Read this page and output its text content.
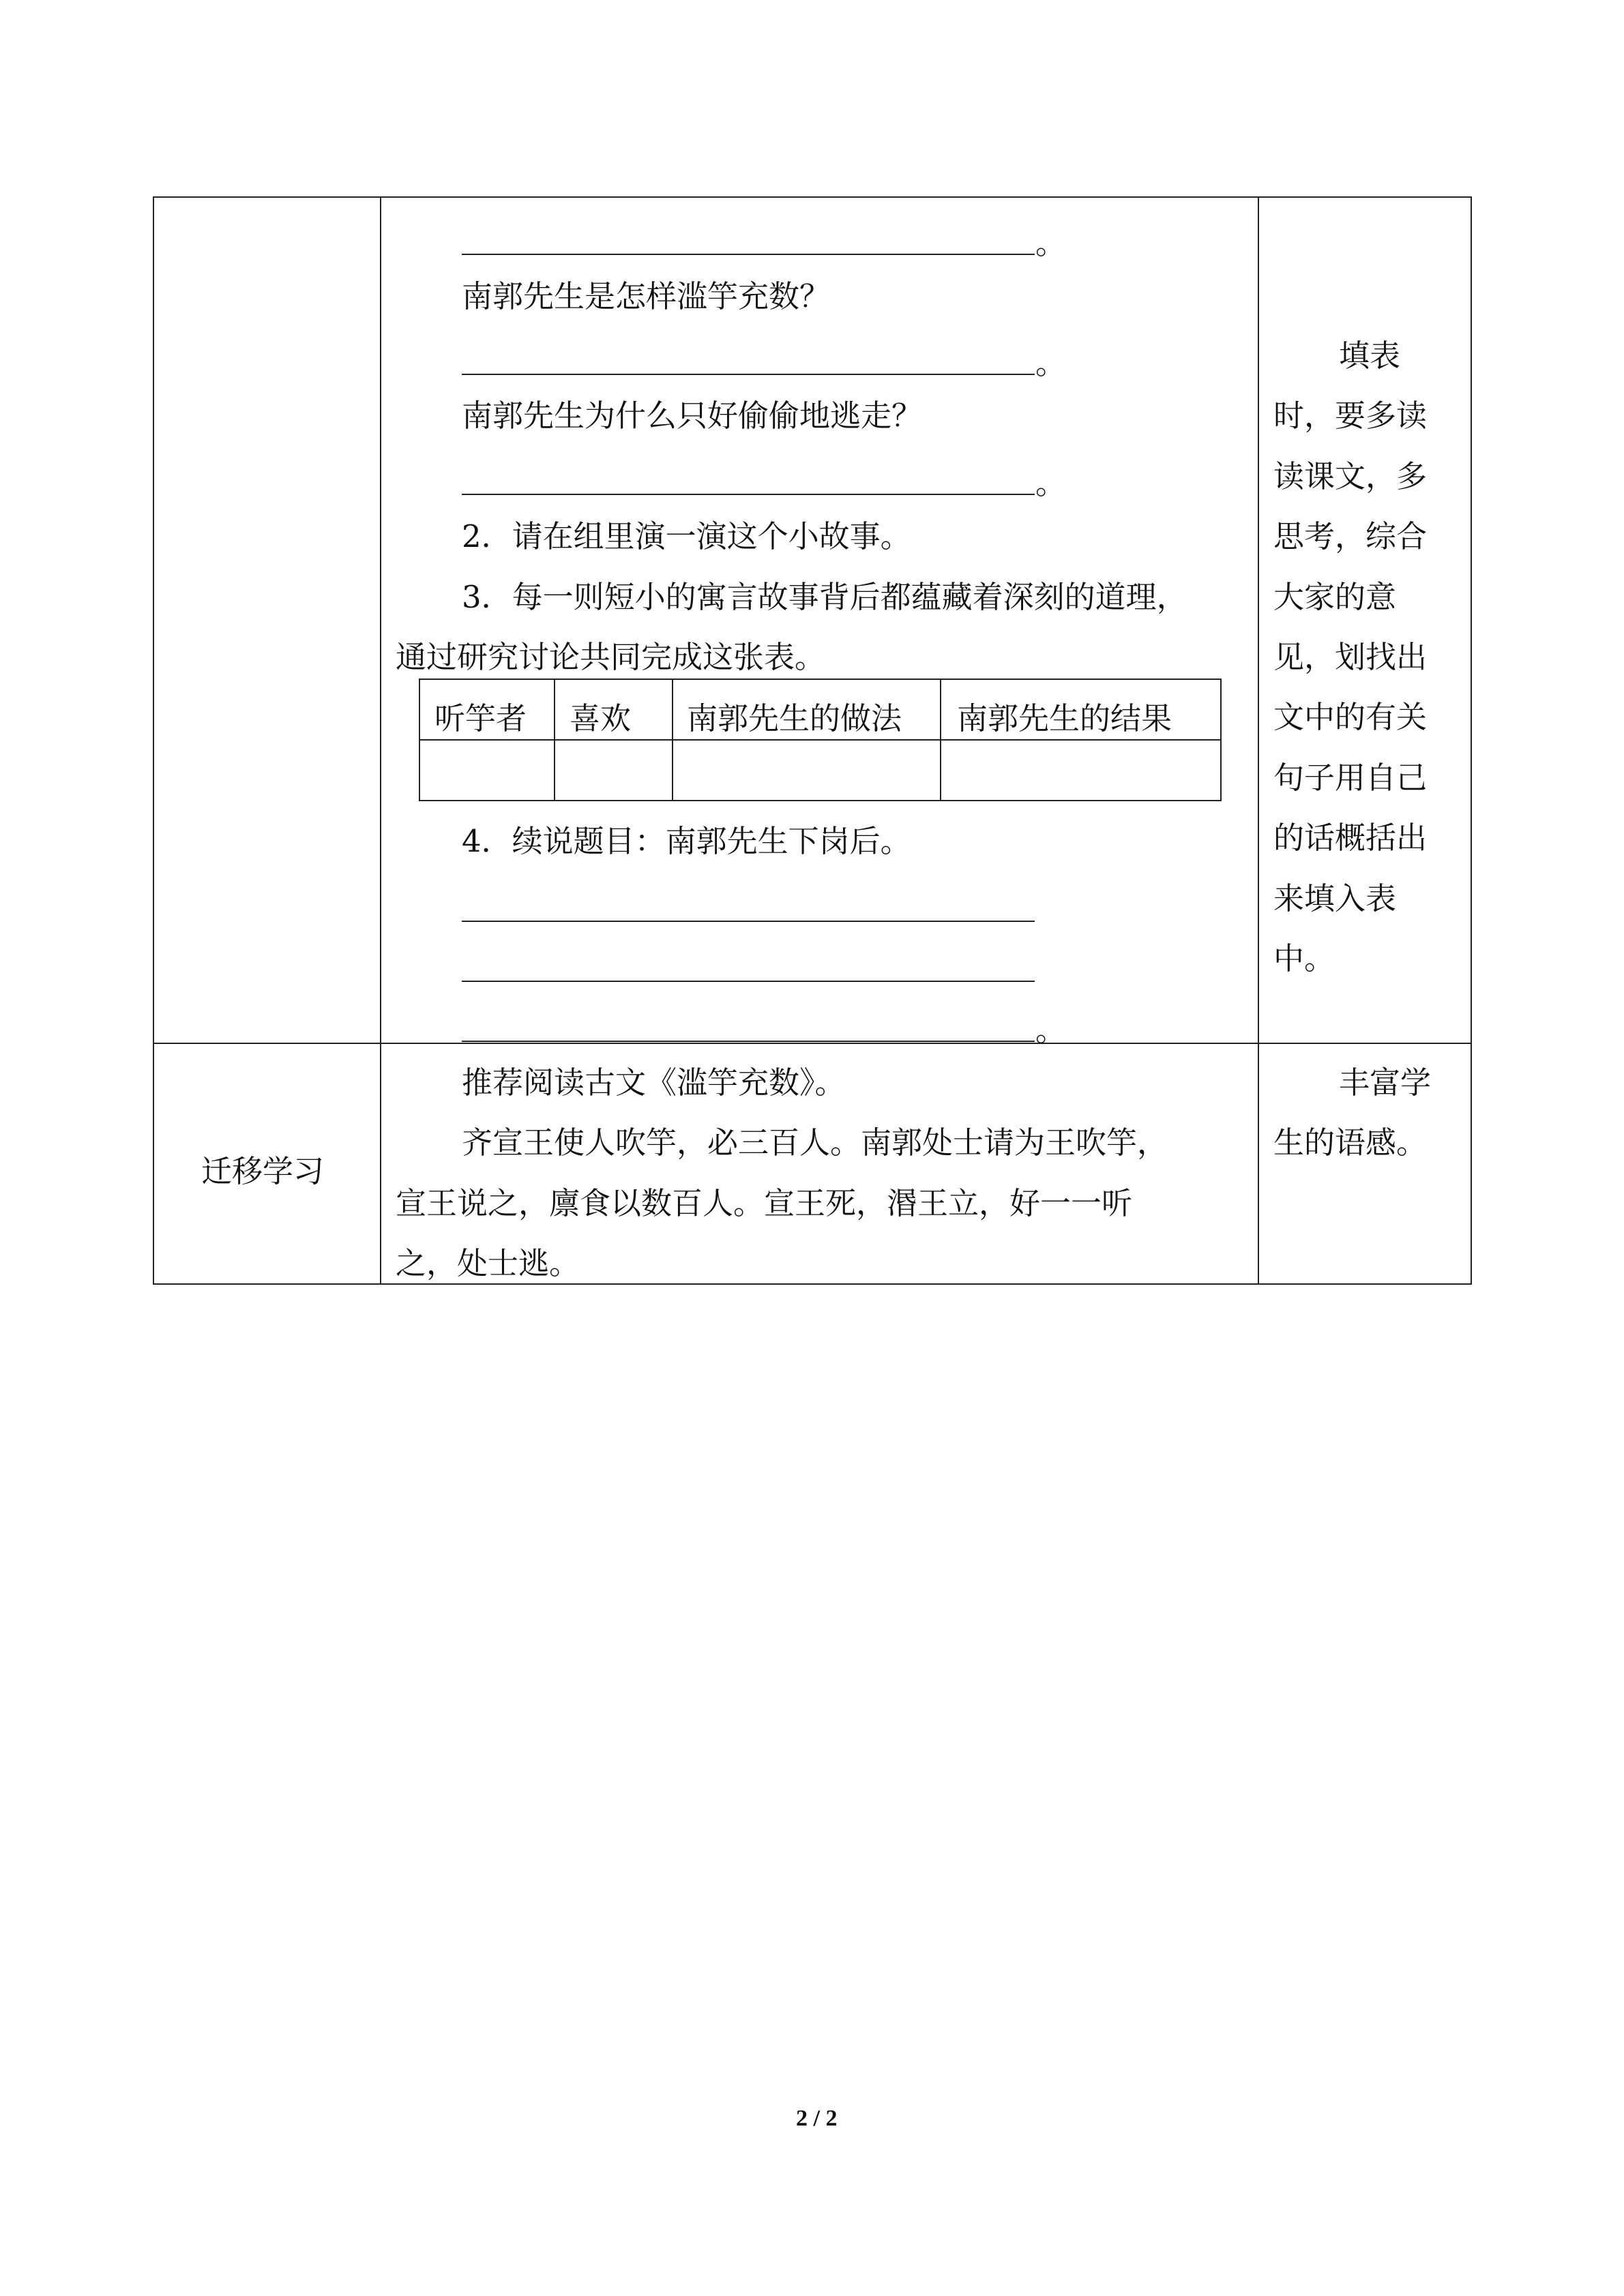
。
南郭先生是怎样滥竽充数？
。
南郭先生为什么只好偷偷地逃走？
。
2．请在组里演一演这个小故事。
3．每一则短小的寓言故事背后都蕴藏着深刻的道理，
通过研究讨论共同完成这张表。
听竽者 喜欢 南郭先生的做法 南郭先生的结果
4．续说题目：南郭先生下岗后。
。
填表
时，要多读
读课文，多
思考，综合
大家的意
见，划找出
文中的有关
句子用自己
的话概括出
来填入表
中。
迁移学习
推荐阅读古文《滥竽充数》。
齐宣王使人吹竽，必三百人。南郭处士请为王吹竽，
宣王说之，廪食以数百人。宣王死，湣王立，好一一听
之，处士逃。
丰富学
生的语感。
2 / 2
